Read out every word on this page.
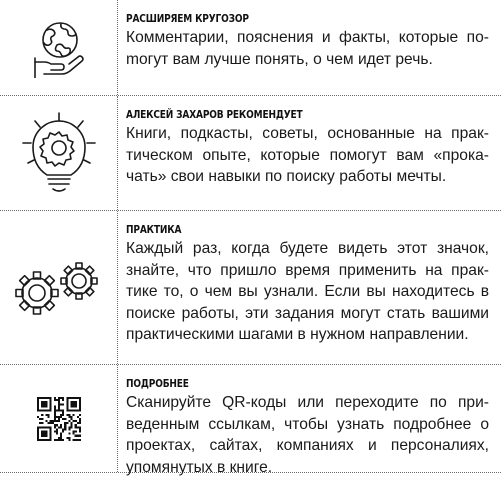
РАСШИРЯЕМ КРУГОЗОР
Комментарии, пояснения и факты, которые поmогут вам лучше понять, о чем идет речь.
АЛЕКСЕЙ ЗАХАРОВ РЕКОМЕНДУЕТ
Книги, подкасты, советы, основанные на практическом опыте, которые помогут вам «прокачать» свои навыки по поиску работы мечты.
ПРАКТИКА
Каждый раз, когда будете видеть этот значок, знайте, что пришло время применить на практике то, о чем вы узнали. Если вы находитесь в поиске работы, эти задания могут стать вашими практическими шагами в нужном направлении.
ПОДРОБНЕЕ
Сканируйте QR-коды или переходите по приведенным ссылкам, чтобы узнать подробнее о проектах, сайтах, компаниях и персоналиях, упомянутых в книге.
